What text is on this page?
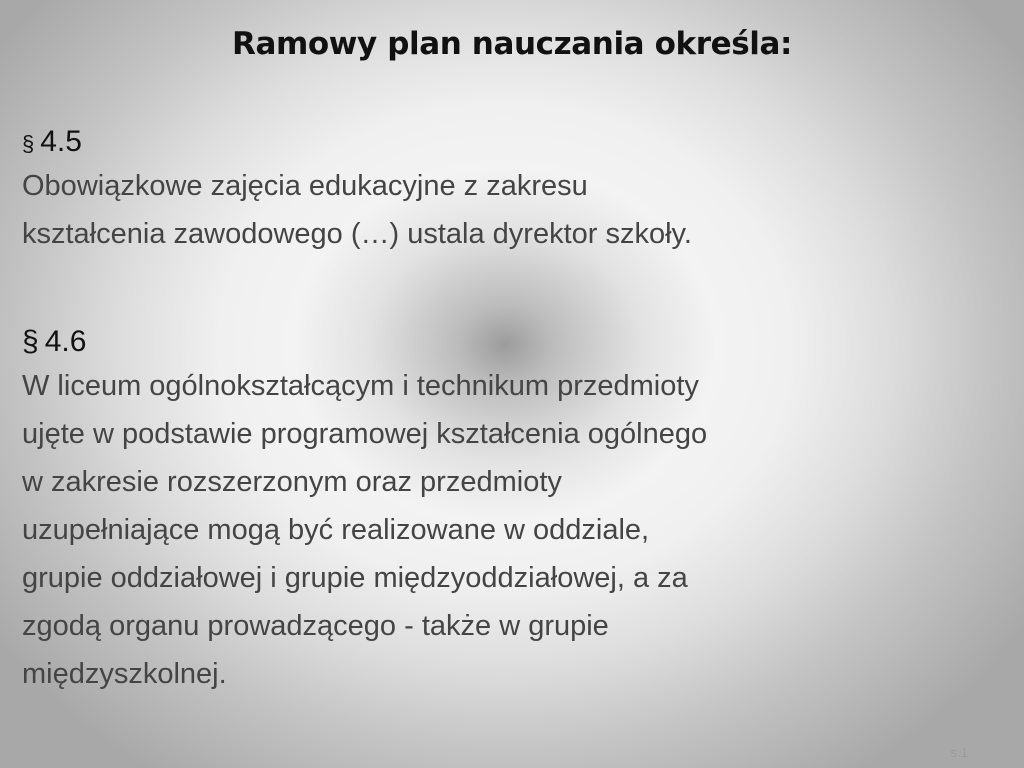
Ramowy plan nauczania określa:
§ 4.5
Obowiązkowe zajęcia edukacyjne z zakresu
kształcenia zawodowego (…) ustala dyrektor szkoły.
§ 4.6
W liceum ogólnokształcącym i technikum przedmioty
ujęte w podstawie programowej kształcenia ogólnego
w zakresie rozszerzonym oraz przedmioty
uzupełniające mogą być realizowane w oddziale,
grupie oddziałowej i grupie międzyoddziałowej, a za
zgodą organu prowadzącego - także w grupie
międzyszkolnej.
s.1
